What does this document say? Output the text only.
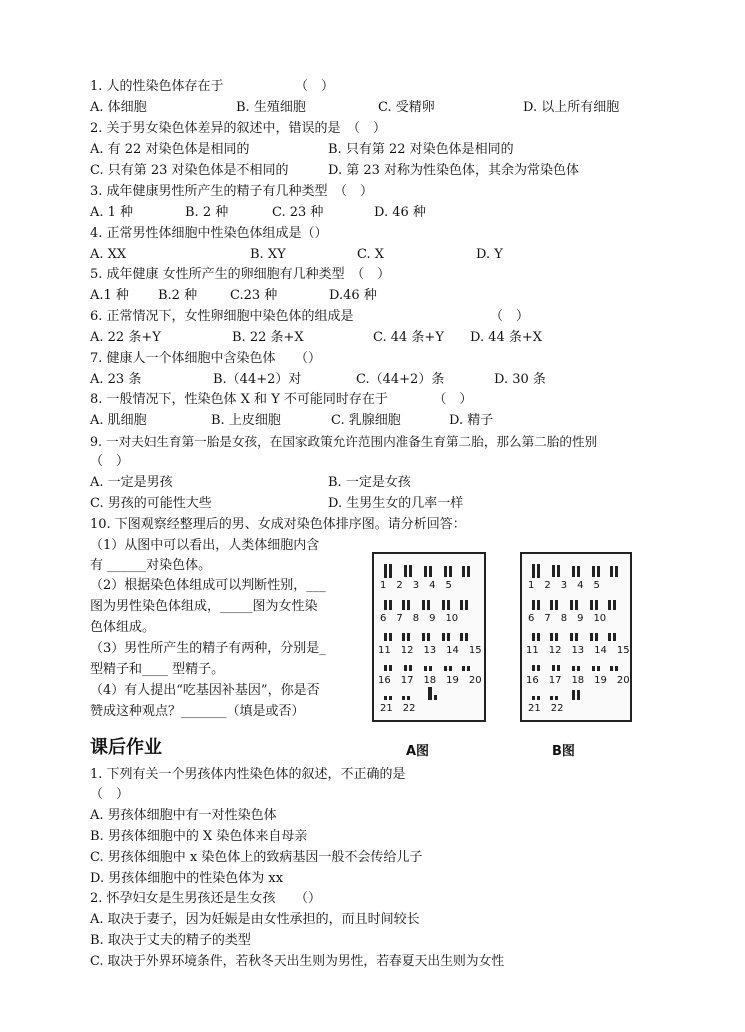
1. 人的性染色体存在于　　　　　　（　）
A. 体细胞	B. 生殖细胞	C. 受精卵	D. 以上所有细胞
2. 关于男女染色体差异的叙述中，错误的是　（　）
A. 有 22 对染色体是相同的	B. 只有第 22 对染色体是相同的
C. 只有第 23 对染色体是不相同的	D. 第 23 对称为性染色体，其余为常染色体
3. 成年健康男性所产生的精子有几种类型　（　）
A. 1 种	B. 2 种	C. 23 种	D. 46 种
4. 正常男性体细胞中性染色体组成是（）
A. XX	B. XY	C. X	D. Y
5. 成年健康 女性所产生的卵细胞有几种类型　（　）
A.1 种 B.2 种	C.23 种	D.46 种
6. 正常情况下，女性卵细胞中染色体的组成是　　　　　　　　　　　（　）
A. 22 条+Y	B. 22 条+X	C. 44 条+Y D. 44 条+X
7. 健康人一个体细胞中含染色体　　（）
A. 23 条	B.（44+2）对	C.（44+2）条	D. 30 条
8. 一般情况下，性染色体 X 和 Y 不可能同时存在于　　　　（　）
A. 肌细胞	B. 上皮细胞	C. 乳腺细胞	D. 精子
9. 一对夫妇生育第一胎是女孩，在国家政策允许范围内准备生育第二胎，那么第二胎的性别
（　）
A. 一定是男孩	B. 一定是女孩
C. 男孩的可能性大些	D. 生男生女的几率一样
10. 下图观察经整理后的男、女成对染色体排序图。请分析回答：
（1）从图中可以看出，人类体细胞内含
有 ______对染色体。
（2）根据染色体组成可以判断性别，___
图为男性染色体组成，_____图为女性染
色体组成。
（3）男性所产生的精子有两种，分别是_
型精子和____ 型精子。
（4）有人提出“吃基因补基因”，你是否
赞成这种观点？_______（填是或否）
1　2　3　4　5
6　7　8　9　10
11　12　13　14　15
16　17　18　19　20
21　22
A图
1　2　3　4　5
6　7　8　9　10
11　12　13　14　15
16　17　18　19　20
21　22
B图
课后作业
1. 下列有关一个男孩体内性染色体的叙述，不正确的是
（　）
A. 男孩体细胞中有一对性染色体
B. 男孩体细胞中的 X 染色体来自母亲
C. 男孩体细胞中 x 染色体上的致病基因一般不会传给儿子
D. 男孩体细胞中的性染色体为 xx
2. 怀孕妇女是生男孩还是生女孩　　（）
A. 取决于妻子，因为妊娠是由女性承担的，而且时间较长
B. 取决于丈夫的精子的类型
C. 取决于外界环境条件，若秋冬天出生则为男性，若春夏天出生则为女性
